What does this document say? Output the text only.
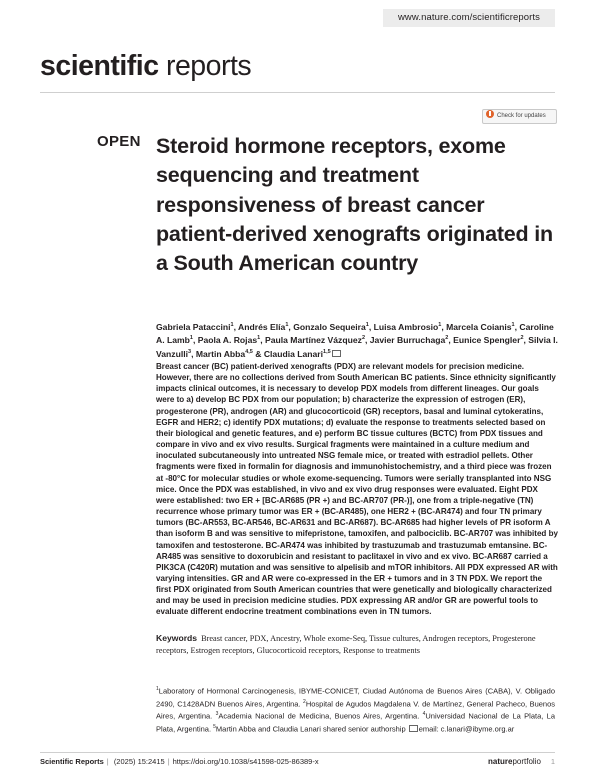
www.nature.com/scientificreports
scientific reports
Check for updates
OPEN Steroid hormone receptors, exome sequencing and treatment responsiveness of breast cancer patient-derived xenografts originated in a South American country

Gabriela Pataccini$^1$, Andrés Elía$^1$, Gonzalo Sequeira$^1$, Luisa Ambrosio$^1$, Marcela Coianis$^1$, Caroline A. Lamb$^1$, Paola A. Rojas$^1$, Paula Martínez Vázquez$^2$, Javier Burruchaga$^2$, Eunice Spengler$^2$, Silvia I. Vanzulli$^3$, Martin Abba$^{4,5}$ & Claudia Lanari$^{1,5}$

Breast cancer (BC) patient-derived xenografts (PDX) are relevant models for precision medicine. However, there are no collections derived from South American BC patients. Since ethnicity significantly impacts clinical outcomes, it is necessary to develop PDX models from different lineages. Our goals were to a) develop BC PDX from our population; b) characterize the expression of estrogen (ER), progesterone (PR), androgen (AR) and glucocorticoid (GR) receptors, basal and luminal cytokeratins, EGFR and HER2; c) identify PDX mutations; d) evaluate the response to treatments selected based on their biological and genetic features, and e) perform BC tissue cultures (BCTC) from PDX tissues and compare in vivo and ex vivo results. Surgical fragments were maintained in a culture medium and inoculated subcutaneously into untreated NSG female mice, or treated with estradiol pellets. Other fragments were fixed in formalin for diagnosis and immunohistochemistry, and a third piece was frozen at -80°C for molecular studies or whole exome-sequencing. Tumors were serially transplanted into NSG mice. Once the PDX was established, in vivo and ex vivo drug responses were evaluated. Eight PDX were established: two ER + [BC-AR685 (PR +) and BC-AR707 (PR-)], one from a triple-negative (TN) recurrence whose primary tumor was ER + (BC-AR485), one HER2 + (BC-AR474) and four TN primary tumors (BC-AR553, BC-AR546, BC-AR631 and BC-AR687). BC-AR685 had higher levels of PR isoform A than isoform B and was sensitive to mifepristone, tamoxifen, and palbociclib. BC-AR707 was inhibited by tamoxifen and testosterone. BC-AR474 was inhibited by trastuzumab and trastuzumab emtansine. BC-AR485 was sensitive to doxorubicin and resistant to paclitaxel in vivo and ex vivo. BC-AR687 carried a PIK3CA (C420R) mutation and was sensitive to alpelisib and mTOR inhibitors. All PDX expressed AR with varying intensities. GR and AR were co-expressed in the ER + tumors and in 3 TN PDX. We report the first PDX originated from South American countries that were genetically and biologically characterized and may be used in precision medicine studies. PDX expressing AR and/or GR are powerful tools to evaluate different endocrine treatment combinations even in TN tumors.

Keywords Breast cancer, PDX, Ancestry, Whole exome-Seq, Tissue cultures, Androgen receptors, Progesterone receptors, Estrogen receptors, Glucocorticoid receptors, Response to treatments

$^1$Laboratory of Hormonal Carcinogenesis, IBYME-CONICET, Ciudad Autónoma de Buenos Aires (CABA), V. Obligado 2490, C1428ADN Buenos Aires, Argentina. $^2$Hospital de Agudos Magdalena V. de Martínez, General Pacheco, Buenos Aires, Argentina. $^3$Academia Nacional de Medicina, Buenos Aires, Argentina. $^4$Universidad Nacional de La Plata, La Plata, Argentina. $^5$Martin Abba and Claudia Lanari shared senior authorship email: c.lanari@ibyme.org.ar

Scientific Reports | (2025) 15:2415 | https://doi.org/10.1038/s41598-025-86389-x	natureportfolio 1
